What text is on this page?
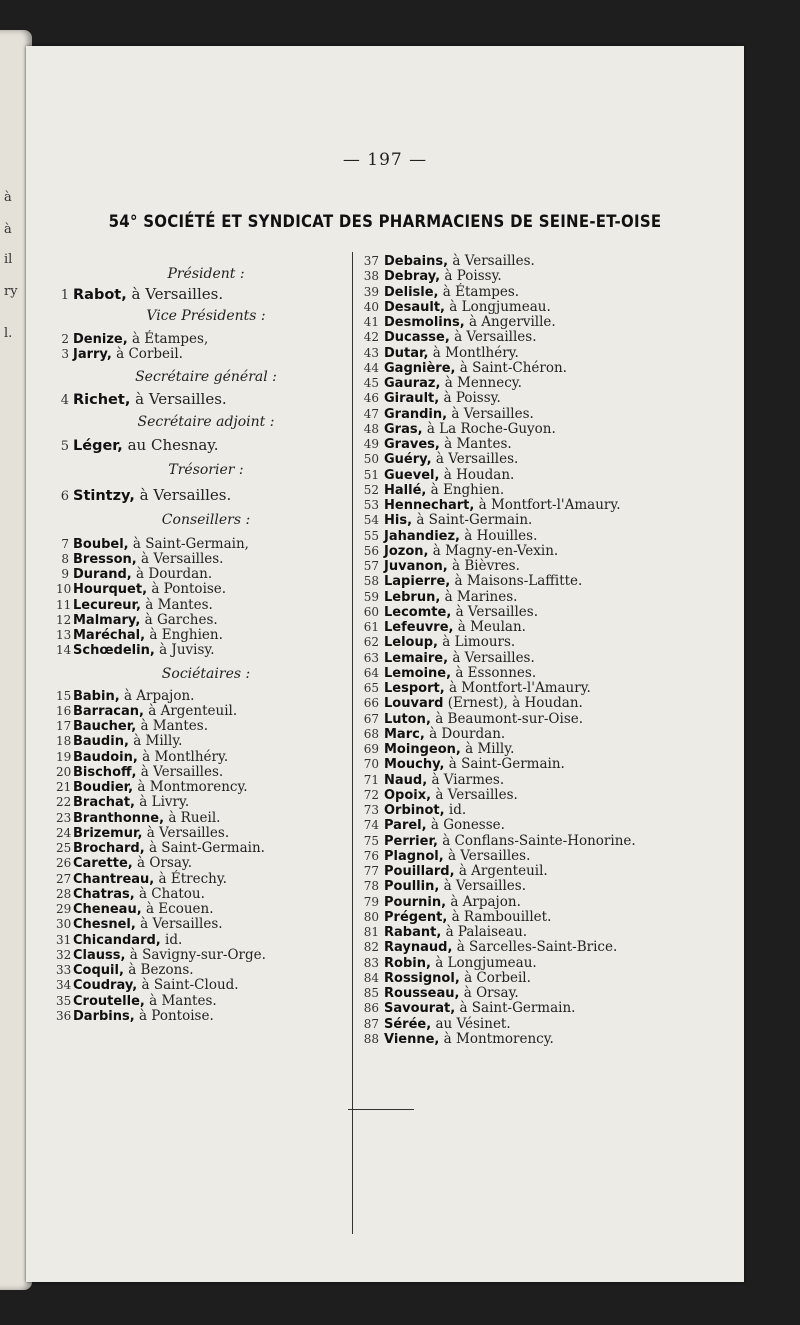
à
à
il
ry
l.
— 197 —
54° SOCIÉTÉ ET SYNDICAT DES PHARMACIENS DE SEINE-ET-OISE
Président :
1 Rabot, à Versailles.
Vice Présidents :
2 Denize, à Étampes,
3 Jarry, à Corbeil.
Secrétaire général :
4 Richet, à Versailles.
Secrétaire adjoint :
5 Léger, au Chesnay.
Trésorier :
6 Stintzy, à Versailles.
Conseillers :
7 Boubel, à Saint-Germain,
8 Bresson, à Versailles.
9 Durand, à Dourdan.
10 Hourquet, à Pontoise.
11 Lecureur, à Mantes.
12 Malmary, à Garches.
13 Maréchal, à Enghien.
14 Schœdelin, à Juvisy.
Sociétaires :
15 Babin, à Arpajon.
16 Barracan, à Argenteuil.
17 Baucher, à Mantes.
18 Baudin, à Milly.
19 Baudoin, à Montlhéry.
20 Bischoff, à Versailles.
21 Boudier, à Montmorency.
22 Brachat, à Livry.
23 Branthonne, à Rueil.
24 Brizemur, à Versailles.
25 Brochard, à Saint-Germain.
26 Carette, à Orsay.
27 Chantreau, à Étrechy.
28 Chatras, à Chatou.
29 Cheneau, à Ecouen.
30 Chesnel, à Versailles.
31 Chicandard, id.
32 Clauss, à Savigny-sur-Orge.
33 Coquil, à Bezons.
34 Coudray, à Saint-Cloud.
35 Croutelle, à Mantes.
36 Darbins, à Pontoise.
37 Debains, à Versailles.
38 Debray, à Poissy.
39 Delisle, à Étampes.
40 Desault, à Longjumeau.
41 Desmolins, à Angerville.
42 Ducasse, à Versailles.
43 Dutar, à Montlhéry.
44 Gagnière, à Saint-Chéron.
45 Gauraz, à Mennecy.
46 Girault, à Poissy.
47 Grandin, à Versailles.
48 Gras, à La Roche-Guyon.
49 Graves, à Mantes.
50 Guéry, à Versailles.
51 Guevel, à Houdan.
52 Hallé, à Enghien.
53 Hennechart, à Montfort-l'Amaury.
54 His, à Saint-Germain.
55 Jahandiez, à Houilles.
56 Jozon, à Magny-en-Vexin.
57 Juvanon, à Bièvres.
58 Lapierre, à Maisons-Laffitte.
59 Lebrun, à Marines.
60 Lecomte, à Versailles.
61 Lefeuvre, à Meulan.
62 Leloup, à Limours.
63 Lemaire, à Versailles.
64 Lemoine, à Essonnes.
65 Lesport, à Montfort-l'Amaury.
66 Louvard (Ernest), à Houdan.
67 Luton, à Beaumont-sur-Oise.
68 Marc, à Dourdan.
69 Moingeon, à Milly.
70 Mouchy, à Saint-Germain.
71 Naud, à Viarmes.
72 Opoix, à Versailles.
73 Orbinot, id.
74 Parel, à Gonesse.
75 Perrier, à Conflans-Sainte-Honorine.
76 Plagnol, à Versailles.
77 Pouillard, à Argenteuil.
78 Poullin, à Versailles.
79 Pournin, à Arpajon.
80 Prégent, à Rambouillet.
81 Rabant, à Palaiseau.
82 Raynaud, à Sarcelles-Saint-Brice.
83 Robin, à Longjumeau.
84 Rossignol, à Corbeil.
85 Rousseau, à Orsay.
86 Savourat, à Saint-Germain.
87 Sérée, au Vésinet.
88 Vienne, à Montmorency.
